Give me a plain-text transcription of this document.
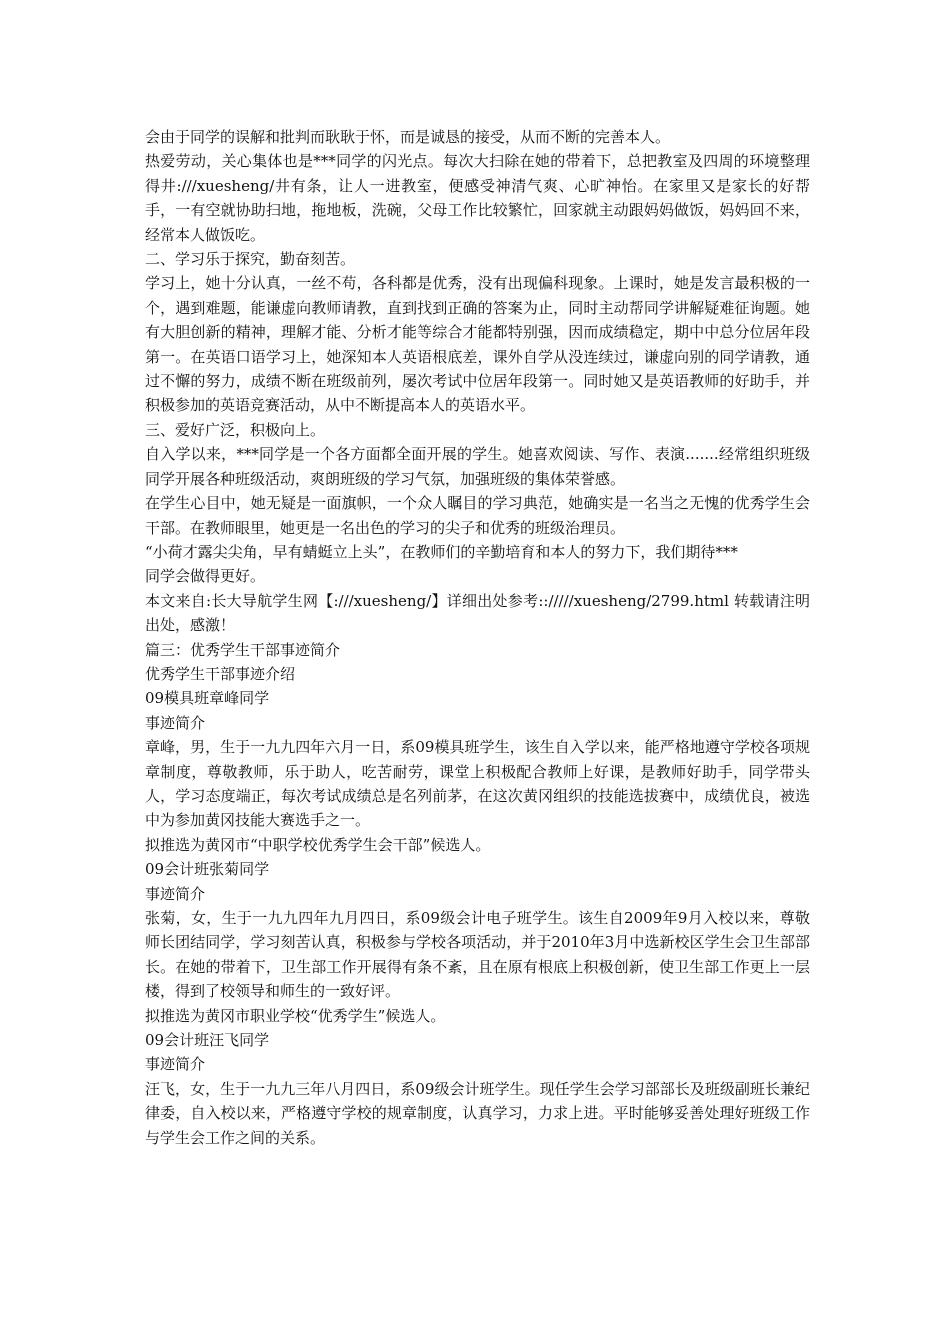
会由于同学的误解和批判而耿耿于怀，而是诚恳的接受，从而不断的完善本人。

热爱劳动，关心集体也是***同学的闪光点。每次大扫除在她的带着下，总把教室及四周的环境整理得井:///xuesheng/井有条，让人一进教室，便感受神清气爽、心旷神怡。在家里又是家长的好帮手，一有空就协助扫地，拖地板，洗碗，父母工作比较繁忙，回家就主动跟妈妈做饭，妈妈回不来，经常本人做饭吃。

二、学习乐于探究，勤奋刻苦。

学习上，她十分认真，一丝不苟，各科都是优秀，没有出现偏科现象。上课时，她是发言最积极的一个，遇到难题，能谦虚向教师请教，直到找到正确的答案为止，同时主动帮同学讲解疑难征询题。她有大胆创新的精神，理解才能、分析才能等综合才能都特别强，因而成绩稳定，期中中总分位居年段第一。在英语口语学习上，她深知本人英语根底差，课外自学从没连续过，谦虚向别的同学请教，通过不懈的努力，成绩不断在班级前列，屡次考试中位居年段第一。同时她又是英语教师的好助手，并积极参加的英语竞赛活动，从中不断提高本人的英语水平。

三、爱好广泛，积极向上。

自入学以来，***同学是一个各方面都全面开展的学生。她喜欢阅读、写作、表演.......经常组织班级同学开展各种班级活动，爽朗班级的学习气氛，加强班级的集体荣誉感。

在学生心目中，她无疑是一面旗帜，一个众人瞩目的学习典范，她确实是一名当之无愧的优秀学生会干部。在教师眼里，她更是一名出色的学习的尖子和优秀的班级治理员。

“小荷才露尖尖角，早有蜻蜓立上头”，在教师们的辛勤培育和本人的努力下，我们期待***

同学会做得更好。

本文来自:长大导航学生网【:///xuesheng/】详细出处参考:://///xuesheng/2799.html 转载请注明出处，感激！

篇三：优秀学生干部事迹简介

优秀学生干部事迹介绍

09模具班章峰同学

事迹简介

章峰，男，生于一九九四年六月一日，系09模具班学生，该生自入学以来，能严格地遵守学校各项规章制度，尊敬教师，乐于助人，吃苦耐劳，课堂上积极配合教师上好课，是教师好助手，同学带头人，学习态度端正，每次考试成绩总是名列前茅，在这次黄冈组织的技能选拔赛中，成绩优良，被选中为参加黄冈技能大赛选手之一。

拟推选为黄冈市“中职学校优秀学生会干部”候选人。

09会计班张菊同学

事迹简介

张菊，女，生于一九九四年九月四日，系09级会计电子班学生。该生自2009年9月入校以来，尊敬师长团结同学，学习刻苦认真，积极参与学校各项活动，并于2010年3月中选新校区学生会卫生部部长。在她的带着下，卫生部工作开展得有条不紊，且在原有根底上积极创新，使卫生部工作更上一层楼，得到了校领导和师生的一致好评。

拟推选为黄冈市职业学校“优秀学生”候选人。

09会计班汪飞同学

事迹简介

汪飞，女，生于一九九三年八月四日，系09级会计班学生。现任学生会学习部部长及班级副班长兼纪律委，自入校以来，严格遵守学校的规章制度，认真学习，力求上进。平时能够妥善处理好班级工作与学生会工作之间的关系。
